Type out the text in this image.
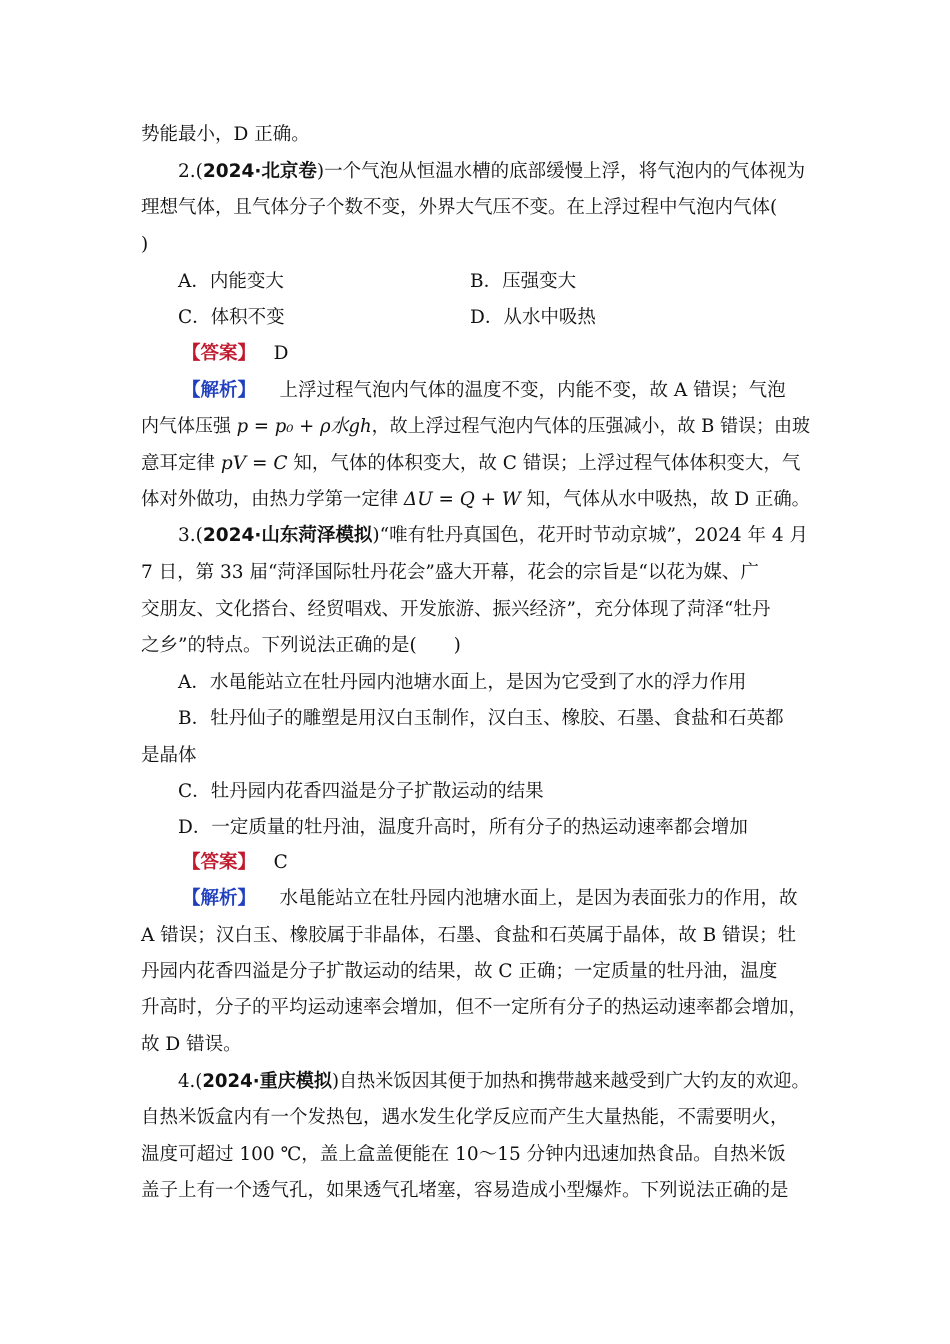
势能最小，D 正确。
2.(2024·北京卷)一个气泡从恒温水槽的底部缓慢上浮，将气泡内的气体视为
理想气体，且气体分子个数不变，外界大气压不变。在上浮过程中气泡内气体(
)
A．内能变大	B．压强变大
C．体积不变	D．从水中吸热
【答案】 D
【解析】 上浮过程气泡内气体的温度不变，内能不变，故 A 错误；气泡
内气体压强 p = p₀ + ρ水gh，故上浮过程气泡内气体的压强减小，故 B 错误；由玻
意耳定律 pV = C 知，气体的体积变大，故 C 错误；上浮过程气体体积变大，气
体对外做功，由热力学第一定律 ΔU = Q + W 知，气体从水中吸热，故 D 正确。
3.(2024·山东菏泽模拟)“唯有牡丹真国色，花开时节动京城”，2024 年 4 月
7 日，第 33 届“菏泽国际牡丹花会”盛大开幕，花会的宗旨是“以花为媒、广
交朋友、文化搭台、经贸唱戏、开发旅游、振兴经济”，充分体现了菏泽“牡丹
之乡”的特点。下列说法正确的是(　　)
A．水黾能站立在牡丹园内池塘水面上，是因为它受到了水的浮力作用
B．牡丹仙子的雕塑是用汉白玉制作，汉白玉、橡胶、石墨、食盐和石英都
是晶体
C．牡丹园内花香四溢是分子扩散运动的结果
D．一定质量的牡丹油，温度升高时，所有分子的热运动速率都会增加
【答案】 C
【解析】 水黾能站立在牡丹园内池塘水面上，是因为表面张力的作用，故
A 错误；汉白玉、橡胶属于非晶体，石墨、食盐和石英属于晶体，故 B 错误；牡
丹园内花香四溢是分子扩散运动的结果，故 C 正确；一定质量的牡丹油，温度
升高时，分子的平均运动速率会增加，但不一定所有分子的热运动速率都会增加，
故 D 错误。
4.(2024·重庆模拟)自热米饭因其便于加热和携带越来越受到广大钓友的欢迎。
自热米饭盒内有一个发热包，遇水发生化学反应而产生大量热能，不需要明火，
温度可超过 100 ℃，盖上盒盖便能在 10～15 分钟内迅速加热食品。自热米饭
盖子上有一个透气孔，如果透气孔堵塞，容易造成小型爆炸。下列说法正确的是
